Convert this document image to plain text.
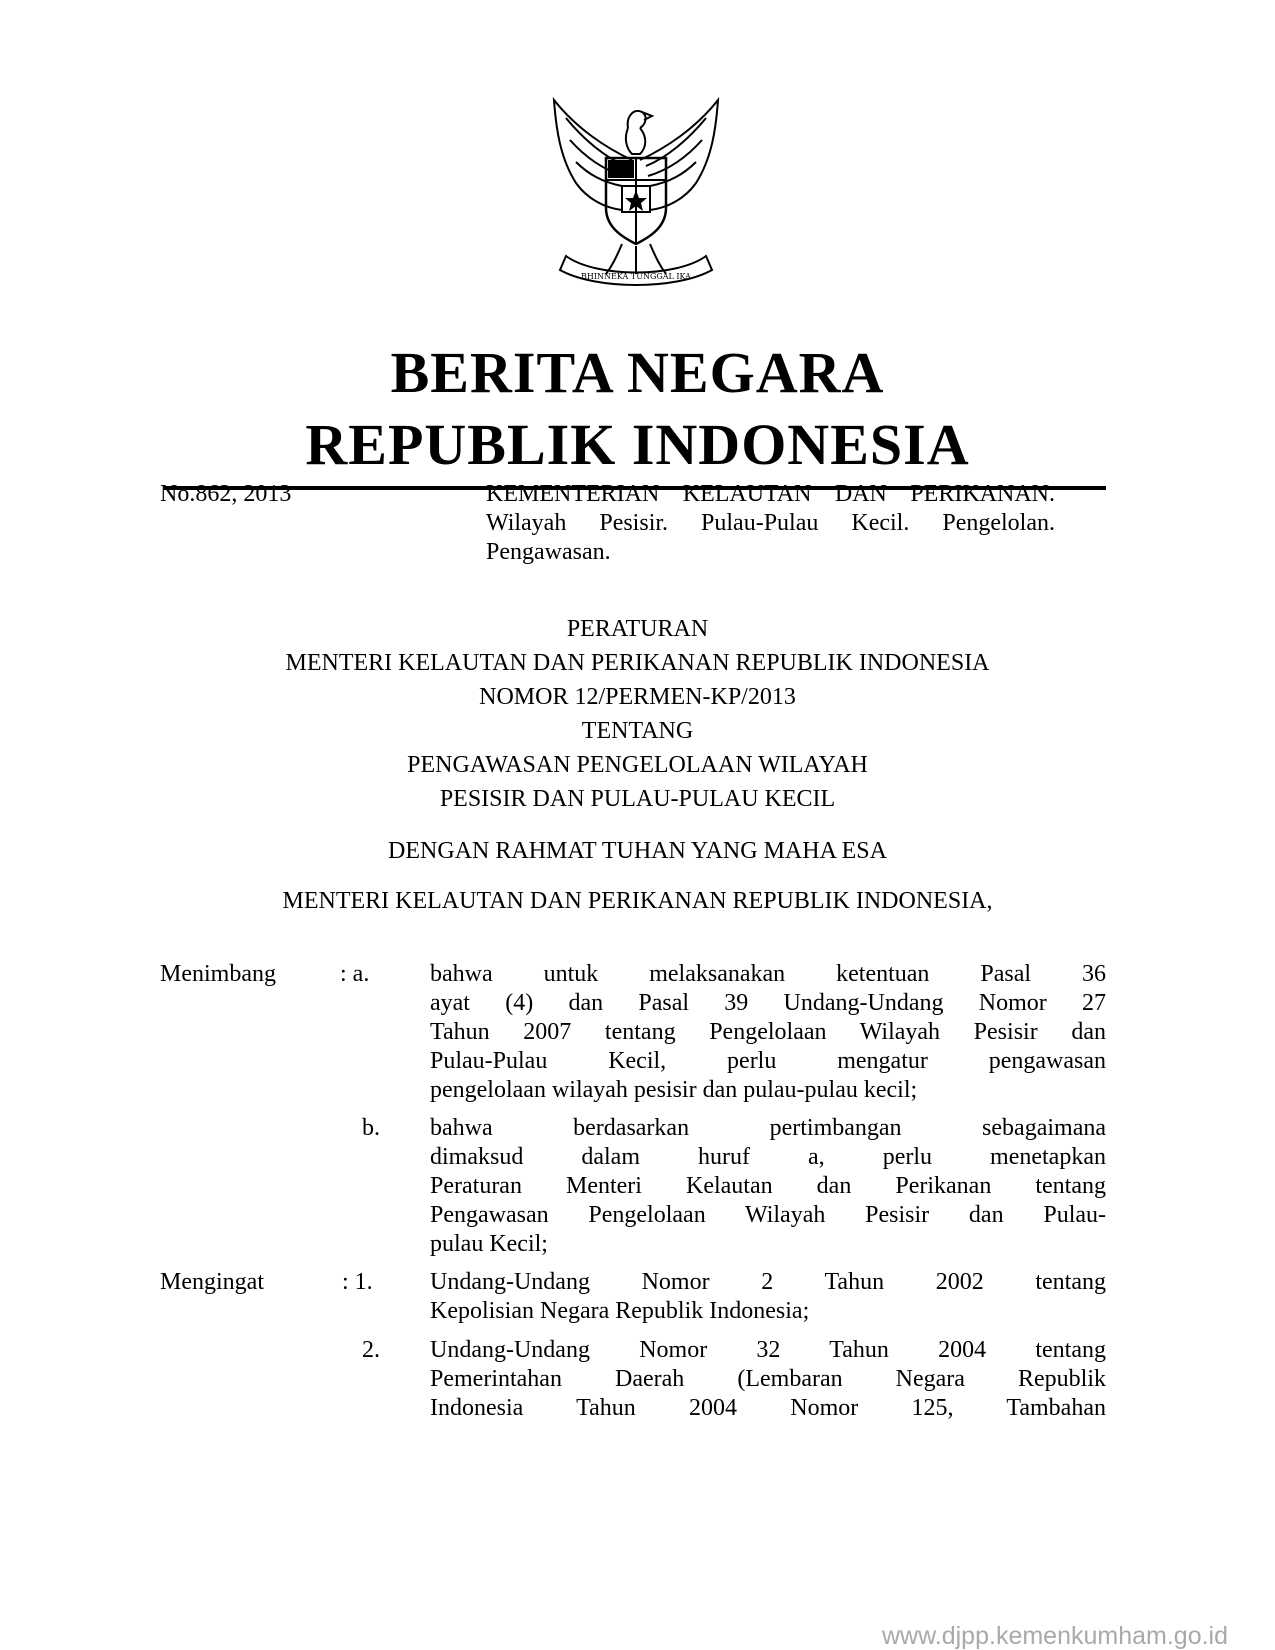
BHINNEKA TUNGGAL IKA
BERITA NEGARA
REPUBLIK INDONESIA
No.862, 2013	KEMENTERIAN KELAUTAN DAN PERIKANAN.
Wilayah Pesisir. Pulau-Pulau Kecil. Pengelolan.
Pengawasan.
PERATURAN
MENTERI KELAUTAN DAN PERIKANAN REPUBLIK INDONESIA
NOMOR 12/PERMEN-KP/2013
TENTANG
PENGAWASAN PENGELOLAAN WILAYAH
PESISIR DAN PULAU-PULAU KECIL
DENGAN RAHMAT TUHAN YANG MAHA ESA
MENTERI KELAUTAN DAN PERIKANAN REPUBLIK INDONESIA,
Menimbang	: a.	bahwa untuk melaksanakan ketentuan Pasal 36
ayat (4) dan Pasal 39 Undang-Undang Nomor 27
Tahun 2007 tentang Pengelolaan Wilayah Pesisir dan
Pulau-Pulau Kecil, perlu mengatur pengawasan
pengelolaan wilayah pesisir dan pulau-pulau kecil;
b. bahwa berdasarkan pertimbangan sebagaimana
dimaksud dalam huruf a, perlu menetapkan
Peraturan Menteri Kelautan dan Perikanan tentang
Pengawasan Pengelolaan Wilayah Pesisir dan Pulau-
pulau Kecil;
Mengingat	: 1. Undang-Undang Nomor 2 Tahun 2002 tentang
Kepolisian Negara Republik Indonesia;
2. Undang-Undang Nomor 32 Tahun 2004 tentang
Pemerintahan Daerah (Lembaran Negara Republik
Indonesia Tahun 2004 Nomor 125, Tambahan
www.djpp.kemenkumham.go.id
